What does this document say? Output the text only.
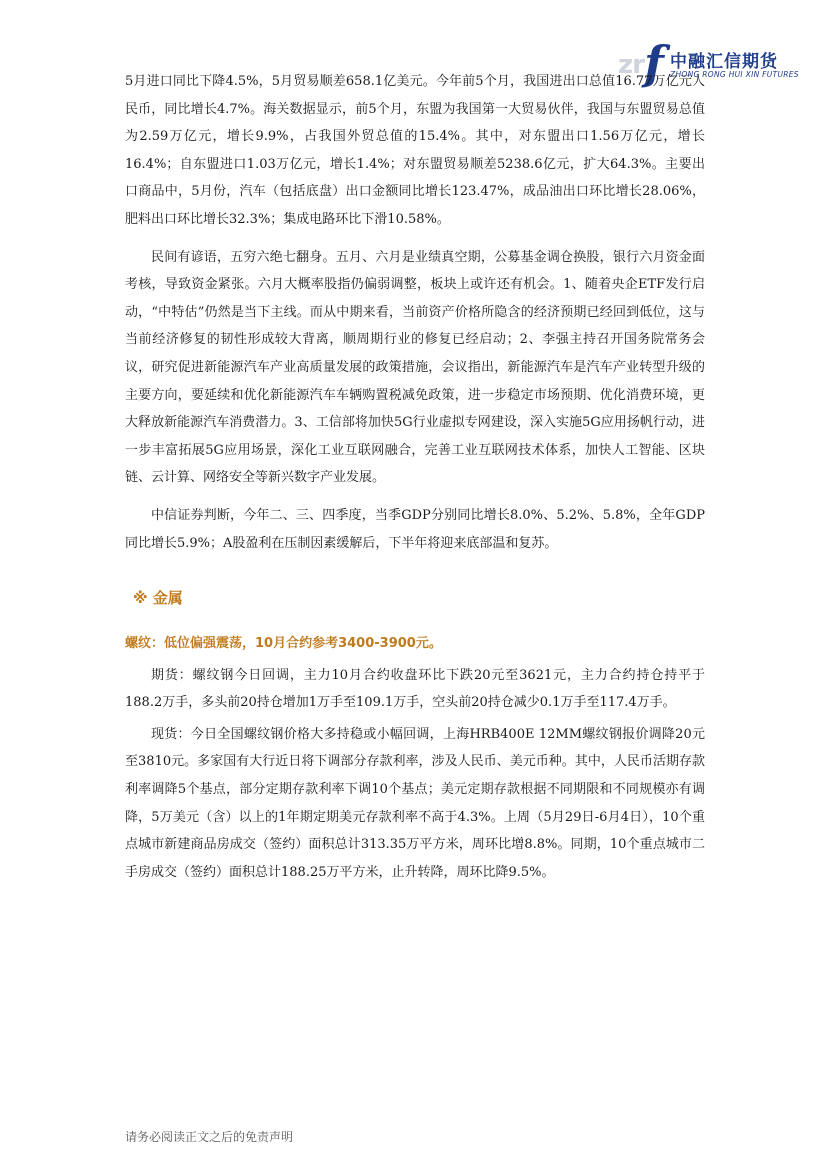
zr f 中融汇信期货
ZHONG RONG HUI XIN FUTURES

5月进口同比下降4.5%，5月贸易顺差658.1亿美元。今年前5个月，我国进出口总值16.77万亿元人民币，同比增长4.7%。海关数据显示，前5个月，东盟为我国第一大贸易伙伴，我国与东盟贸易总值为2.59万亿元，增长9.9%，占我国外贸总值的15.4%。其中，对东盟出口1.56万亿元，增长16.4%；自东盟进口1.03万亿元，增长1.4%；对东盟贸易顺差5238.6亿元，扩大64.3%。主要出口商品中，5月份，汽车（包括底盘）出口金额同比增长123.47%，成品油出口环比增长28.06%，肥料出口环比增长32.3%；集成电路环比下滑10.58%。

民间有谚语，五穷六绝七翻身。五月、六月是业绩真空期，公募基金调仓换股，银行六月资金面考核，导致资金紧张。六月大概率股指仍偏弱调整，板块上或许还有机会。1、随着央企ETF发行启动，“中特估”仍然是当下主线。而从中期来看，当前资产价格所隐含的经济预期已经回到低位，这与当前经济修复的韧性形成较大背离，顺周期行业的修复已经启动；2、李强主持召开国务院常务会议，研究促进新能源汽车产业高质量发展的政策措施，会议指出，新能源汽车是汽车产业转型升级的主要方向，要延续和优化新能源汽车车辆购置税减免政策，进一步稳定市场预期、优化消费环境，更大释放新能源汽车消费潜力。3、工信部将加快5G行业虚拟专网建设，深入实施5G应用扬帆行动，进一步丰富拓展5G应用场景，深化工业互联网融合，完善工业互联网技术体系，加快人工智能、区块链、云计算、网络安全等新兴数字产业发展。

中信证券判断，今年二、三、四季度，当季GDP分别同比增长8.0%、5.2%、5.8%，全年GDP同比增长5.9%；A股盈利在压制因素缓解后，下半年将迎来底部温和复苏。

※ 金属
螺纹：低位偏强震荡，10月合约参考3400-3900元。

期货：螺纹钢今日回调，主力10月合约收盘环比下跌20元至3621元，主力合约持仓持平于188.2万手，多头前20持仓增加1万手至109.1万手，空头前20持仓减少0.1万手至117.4万手。

现货：今日全国螺纹钢价格大多持稳或小幅回调，上海HRB400E 12MM螺纹钢报价调降20元至3810元。多家国有大行近日将下调部分存款利率，涉及人民币、美元币种。其中，人民币活期存款利率调降5个基点，部分定期存款利率下调10个基点；美元定期存款根据不同期限和不同规模亦有调降，5万美元（含）以上的1年期定期美元存款利率不高于4.3%。上周（5月29日-6月4日），10个重点城市新建商品房成交（签约）面积总计313.35万平方米，周环比增8.8%。同期，10个重点城市二手房成交（签约）面积总计188.25万平方米，止升转降，周环比降9.5%。

请务必阅读正文之后的免责声明
